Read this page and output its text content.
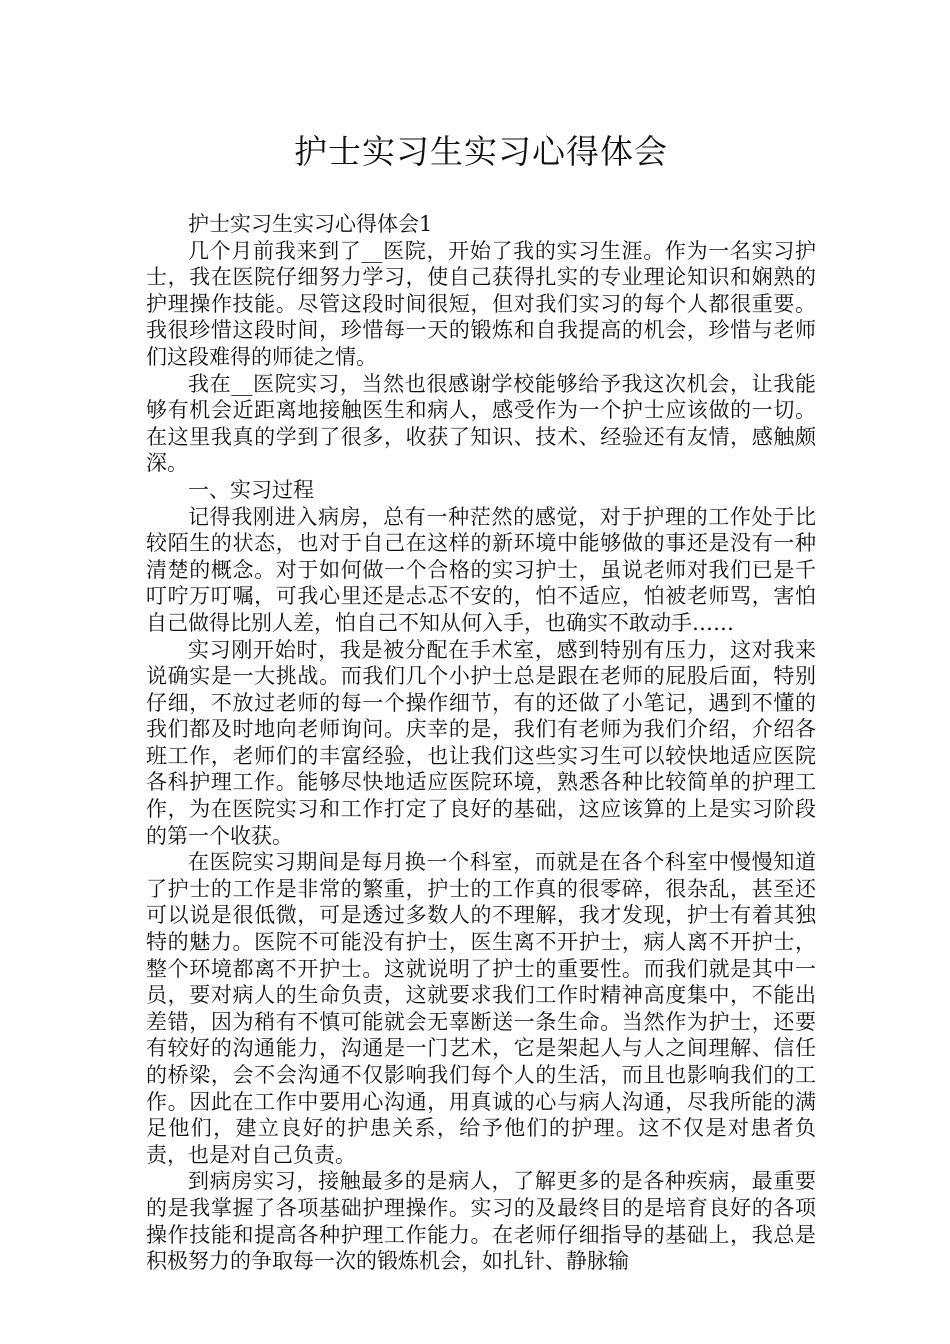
护士实习生实习心得体会

护士实习生实习心得体会1

几个月前我来到了__医院，开始了我的实习生涯。作为一名实习护士，我在医院仔细努力学习，使自己获得扎实的专业理论知识和娴熟的护理操作技能。尽管这段时间很短，但对我们实习的每个人都很重要。我很珍惜这段时间，珍惜每一天的锻炼和自我提高的机会，珍惜与老师们这段难得的师徒之情。

我在__医院实习，当然也很感谢学校能够给予我这次机会，让我能够有机会近距离地接触医生和病人，感受作为一个护士应该做的一切。在这里我真的学到了很多，收获了知识、技术、经验还有友情，感触颇深。

一、实习过程

记得我刚进入病房，总有一种茫然的感觉，对于护理的工作处于比较陌生的状态，也对于自己在这样的新环境中能够做的事还是没有一种清楚的概念。对于如何做一个合格的实习护士，虽说老师对我们已是千叮咛万叮嘱，可我心里还是忐忑不安的，怕不适应，怕被老师骂，害怕自己做得比别人差，怕自己不知从何入手，也确实不敢动手……

实习刚开始时，我是被分配在手术室，感到特别有压力，这对我来说确实是一大挑战。而我们几个小护士总是跟在老师的屁股后面，特别仔细，不放过老师的每一个操作细节，有的还做了小笔记，遇到不懂的我们都及时地向老师询问。庆幸的是，我们有老师为我们介绍，介绍各班工作，老师们的丰富经验，也让我们这些实习生可以较快地适应医院各科护理工作。能够尽快地适应医院环境，熟悉各种比较简单的护理工作，为在医院实习和工作打定了良好的基础，这应该算的上是实习阶段的第一个收获。

在医院实习期间是每月换一个科室，而就是在各个科室中慢慢知道了护士的工作是非常的繁重，护士的工作真的很零碎，很杂乱，甚至还可以说是很低微，可是透过多数人的不理解，我才发现，护士有着其独特的魅力。医院不可能没有护士，医生离不开护士，病人离不开护士，整个环境都离不开护士。这就说明了护士的重要性。而我们就是其中一员，要对病人的生命负责，这就要求我们工作时精神高度集中，不能出差错，因为稍有不慎可能就会无辜断送一条生命。当然作为护士，还要有较好的沟通能力，沟通是一门艺术，它是架起人与人之间理解、信任的桥梁，会不会沟通不仅影响我们每个人的生活，而且也影响我们的工作。因此在工作中要用心沟通，用真诚的心与病人沟通，尽我所能的满足他们，建立良好的护患关系，给予他们的护理。这不仅是对患者负责，也是对自己负责。

到病房实习，接触最多的是病人，了解更多的是各种疾病，最重要的是我掌握了各项基础护理操作。实习的及最终目的是培育良好的各项操作技能和提高各种护理工作能力。在老师仔细指导的基础上，我总是积极努力的争取每一次的锻炼机会，如扎针、静脉输
